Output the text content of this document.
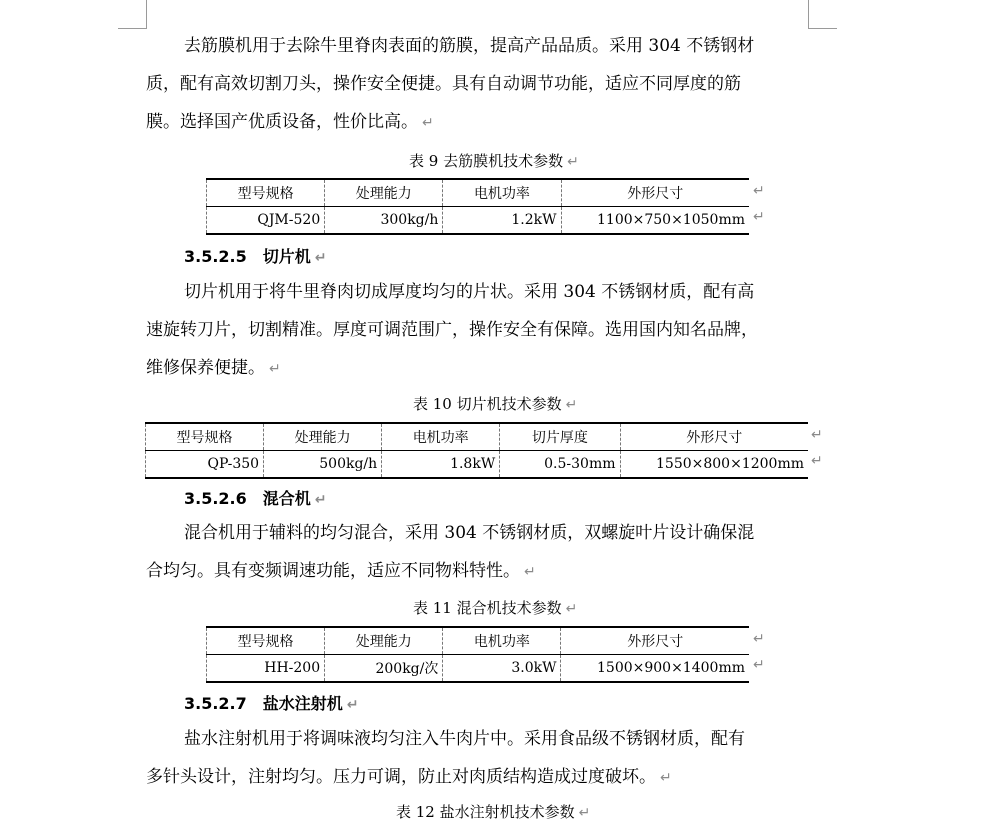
去筋膜机用于去除牛里脊肉表面的筋膜，提高产品品质。采用 304 不锈钢材
质，配有高效切割刀头，操作安全便捷。具有自动调节功能，适应不同厚度的筋
膜。选择国产优质设备，性价比高。 ↵
表 9 去筋膜机技术参数 ↵
型号规格	处理能力	电机功率	外形尺寸
QJM-520	300kg/h	1.2kW	1100×750×1050mm
↵
↵
3.5.2.5 切片机 ↵
切片机用于将牛里脊肉切成厚度均匀的片状。采用 304 不锈钢材质，配有高
速旋转刀片，切割精准。厚度可调范围广，操作安全有保障。选用国内知名品牌，
维修保养便捷。 ↵
表 10 切片机技术参数 ↵
型号规格	处理能力	电机功率	切片厚度	外形尺寸
QP-350	500kg/h	1.8kW	0.5-30mm	1550×800×1200mm
↵
↵
3.5.2.6 混合机 ↵
混合机用于辅料的均匀混合，采用 304 不锈钢材质，双螺旋叶片设计确保混
合均匀。具有变频调速功能，适应不同物料特性。 ↵
表 11 混合机技术参数 ↵
型号规格	处理能力	电机功率	外形尺寸
HH-200	200kg/次	3.0kW	1500×900×1400mm
↵
↵
3.5.2.7 盐水注射机 ↵
盐水注射机用于将调味液均匀注入牛肉片中。采用食品级不锈钢材质，配有
多针头设计，注射均匀。压力可调，防止对肉质结构造成过度破坏。 ↵
表 12 盐水注射机技术参数 ↵
